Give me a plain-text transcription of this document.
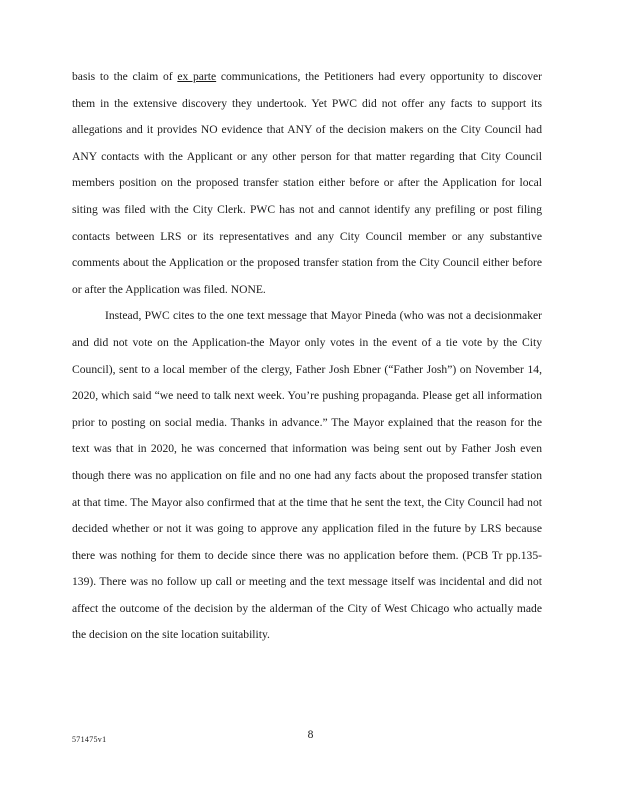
basis to the claim of ex parte communications, the Petitioners had every opportunity to discover them in the extensive discovery they undertook. Yet PWC did not offer any facts to support its allegations and it provides NO evidence that ANY of the decision makers on the City Council had ANY contacts with the Applicant or any other person for that matter regarding that City Council members position on the proposed transfer station either before or after the Application for local siting was filed with the City Clerk. PWC has not and cannot identify any prefiling or post filing contacts between LRS or its representatives and any City Council member or any substantive comments about the Application or the proposed transfer station from the City Council either before or after the Application was filed. NONE.

Instead, PWC cites to the one text message that Mayor Pineda (who was not a decisionmaker and did not vote on the Application-the Mayor only votes in the event of a tie vote by the City Council), sent to a local member of the clergy, Father Josh Ebner (“Father Josh”) on November 14, 2020, which said “we need to talk next week. You’re pushing propaganda. Please get all information prior to posting on social media. Thanks in advance.” The Mayor explained that the reason for the text was that in 2020, he was concerned that information was being sent out by Father Josh even though there was no application on file and no one had any facts about the proposed transfer station at that time. The Mayor also confirmed that at the time that he sent the text, the City Council had not decided whether or not it was going to approve any application filed in the future by LRS because there was nothing for them to decide since there was no application before them. (PCB Tr pp.135-139). There was no follow up call or meeting and the text message itself was incidental and did not affect the outcome of the decision by the alderman of the City of West Chicago who actually made the decision on the site location suitability.

8
571475v1
